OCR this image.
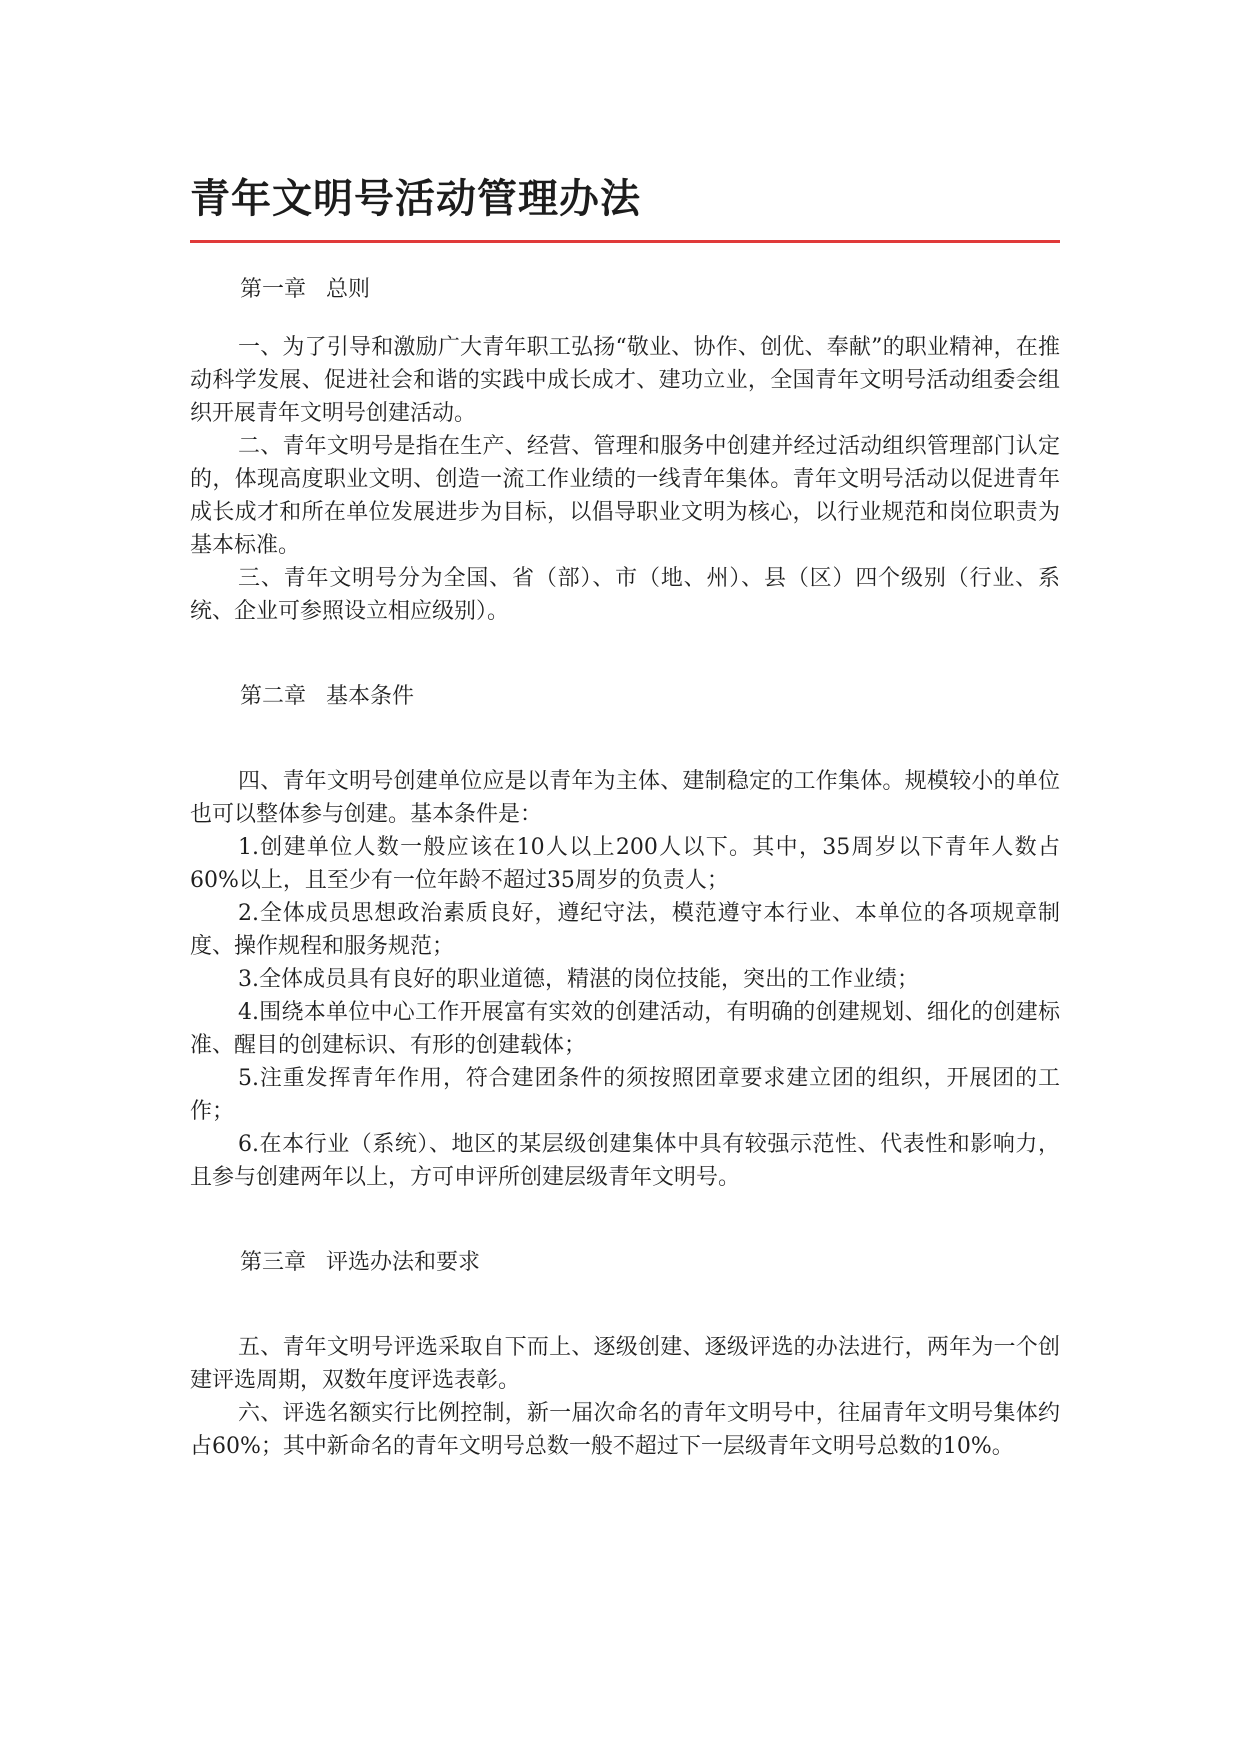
青年文明号活动管理办法
第一章 总则

一、为了引导和激励广大青年职工弘扬“敬业、协作、创优、奉献”的职业精神，在推动科学发展、促进社会和谐的实践中成长成才、建功立业，全国青年文明号活动组委会组织开展青年文明号创建活动。

二、青年文明号是指在生产、经营、管理和服务中创建并经过活动组织管理部门认定的，体现高度职业文明、创造一流工作业绩的一线青年集体。青年文明号活动以促进青年成长成才和所在单位发展进步为目标，以倡导职业文明为核心，以行业规范和岗位职责为基本标准。

三、青年文明号分为全国、省（部）、市（地、州）、县（区）四个级别（行业、系统、企业可参照设立相应级别）。

第二章 基本条件

四、青年文明号创建单位应是以青年为主体、建制稳定的工作集体。规模较小的单位也可以整体参与创建。基本条件是：

1.创建单位人数一般应该在10人以上200人以下。其中，35周岁以下青年人数占60%以上，且至少有一位年龄不超过35周岁的负责人；

2.全体成员思想政治素质良好，遵纪守法，模范遵守本行业、本单位的各项规章制度、操作规程和服务规范；

3.全体成员具有良好的职业道德，精湛的岗位技能，突出的工作业绩；

4.围绕本单位中心工作开展富有实效的创建活动，有明确的创建规划、细化的创建标准、醒目的创建标识、有形的创建载体；

5.注重发挥青年作用，符合建团条件的须按照团章要求建立团的组织，开展团的工作；

6.在本行业（系统）、地区的某层级创建集体中具有较强示范性、代表性和影响力，且参与创建两年以上，方可申评所创建层级青年文明号。

第三章 评选办法和要求

五、青年文明号评选采取自下而上、逐级创建、逐级评选的办法进行，两年为一个创建评选周期，双数年度评选表彰。

六、评选名额实行比例控制，新一届次命名的青年文明号中，往届青年文明号集体约占60%；其中新命名的青年文明号总数一般不超过下一层级青年文明号总数的10%。
